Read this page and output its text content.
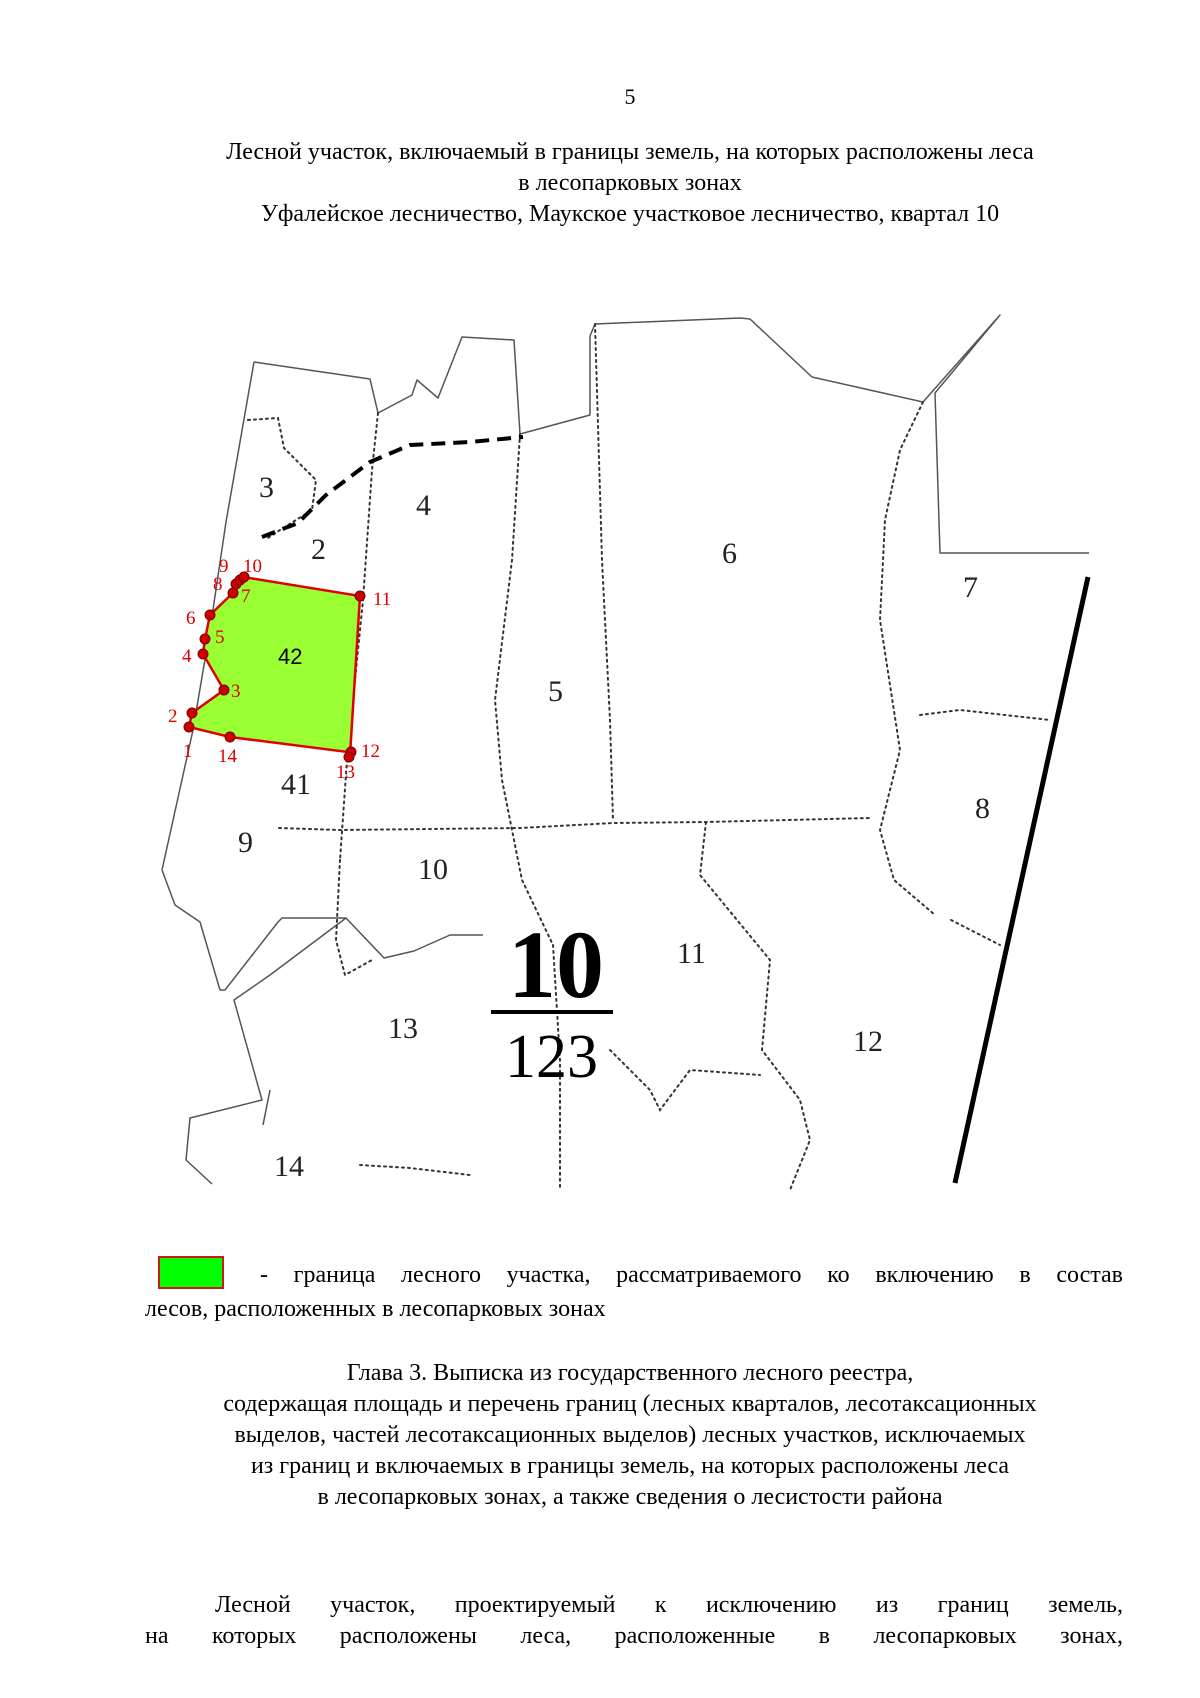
5
Лесной участок, включаемый в границы земель, на которых расположены леса
в лесопарковых зонах
Уфалейское лесничество, Маукское участковое лесничество, квартал 10
1
2
3
4
5
6
7
8
9 10
11
12
13
14
42
3
2
4
6
7
5
41
9
10
8
11
12
13
14
10
123
- граница лесного участка, рассматриваемого ко включению в состав
лесов, расположенных в лесопарковых зонах
Глава 3. Выписка из государственного лесного реестра,
содержащая площадь и перечень границ (лесных кварталов, лесотаксационных
выделов, частей лесотаксационных выделов) лесных участков, исключаемых
из границ и включаемых в границы земель, на которых расположены леса
в лесопарковых зонах, а также сведения о лесистости района
Лесной участок, проектируемый к исключению из границ земель,
на которых расположены леса, расположенные в лесопарковых зонах,
